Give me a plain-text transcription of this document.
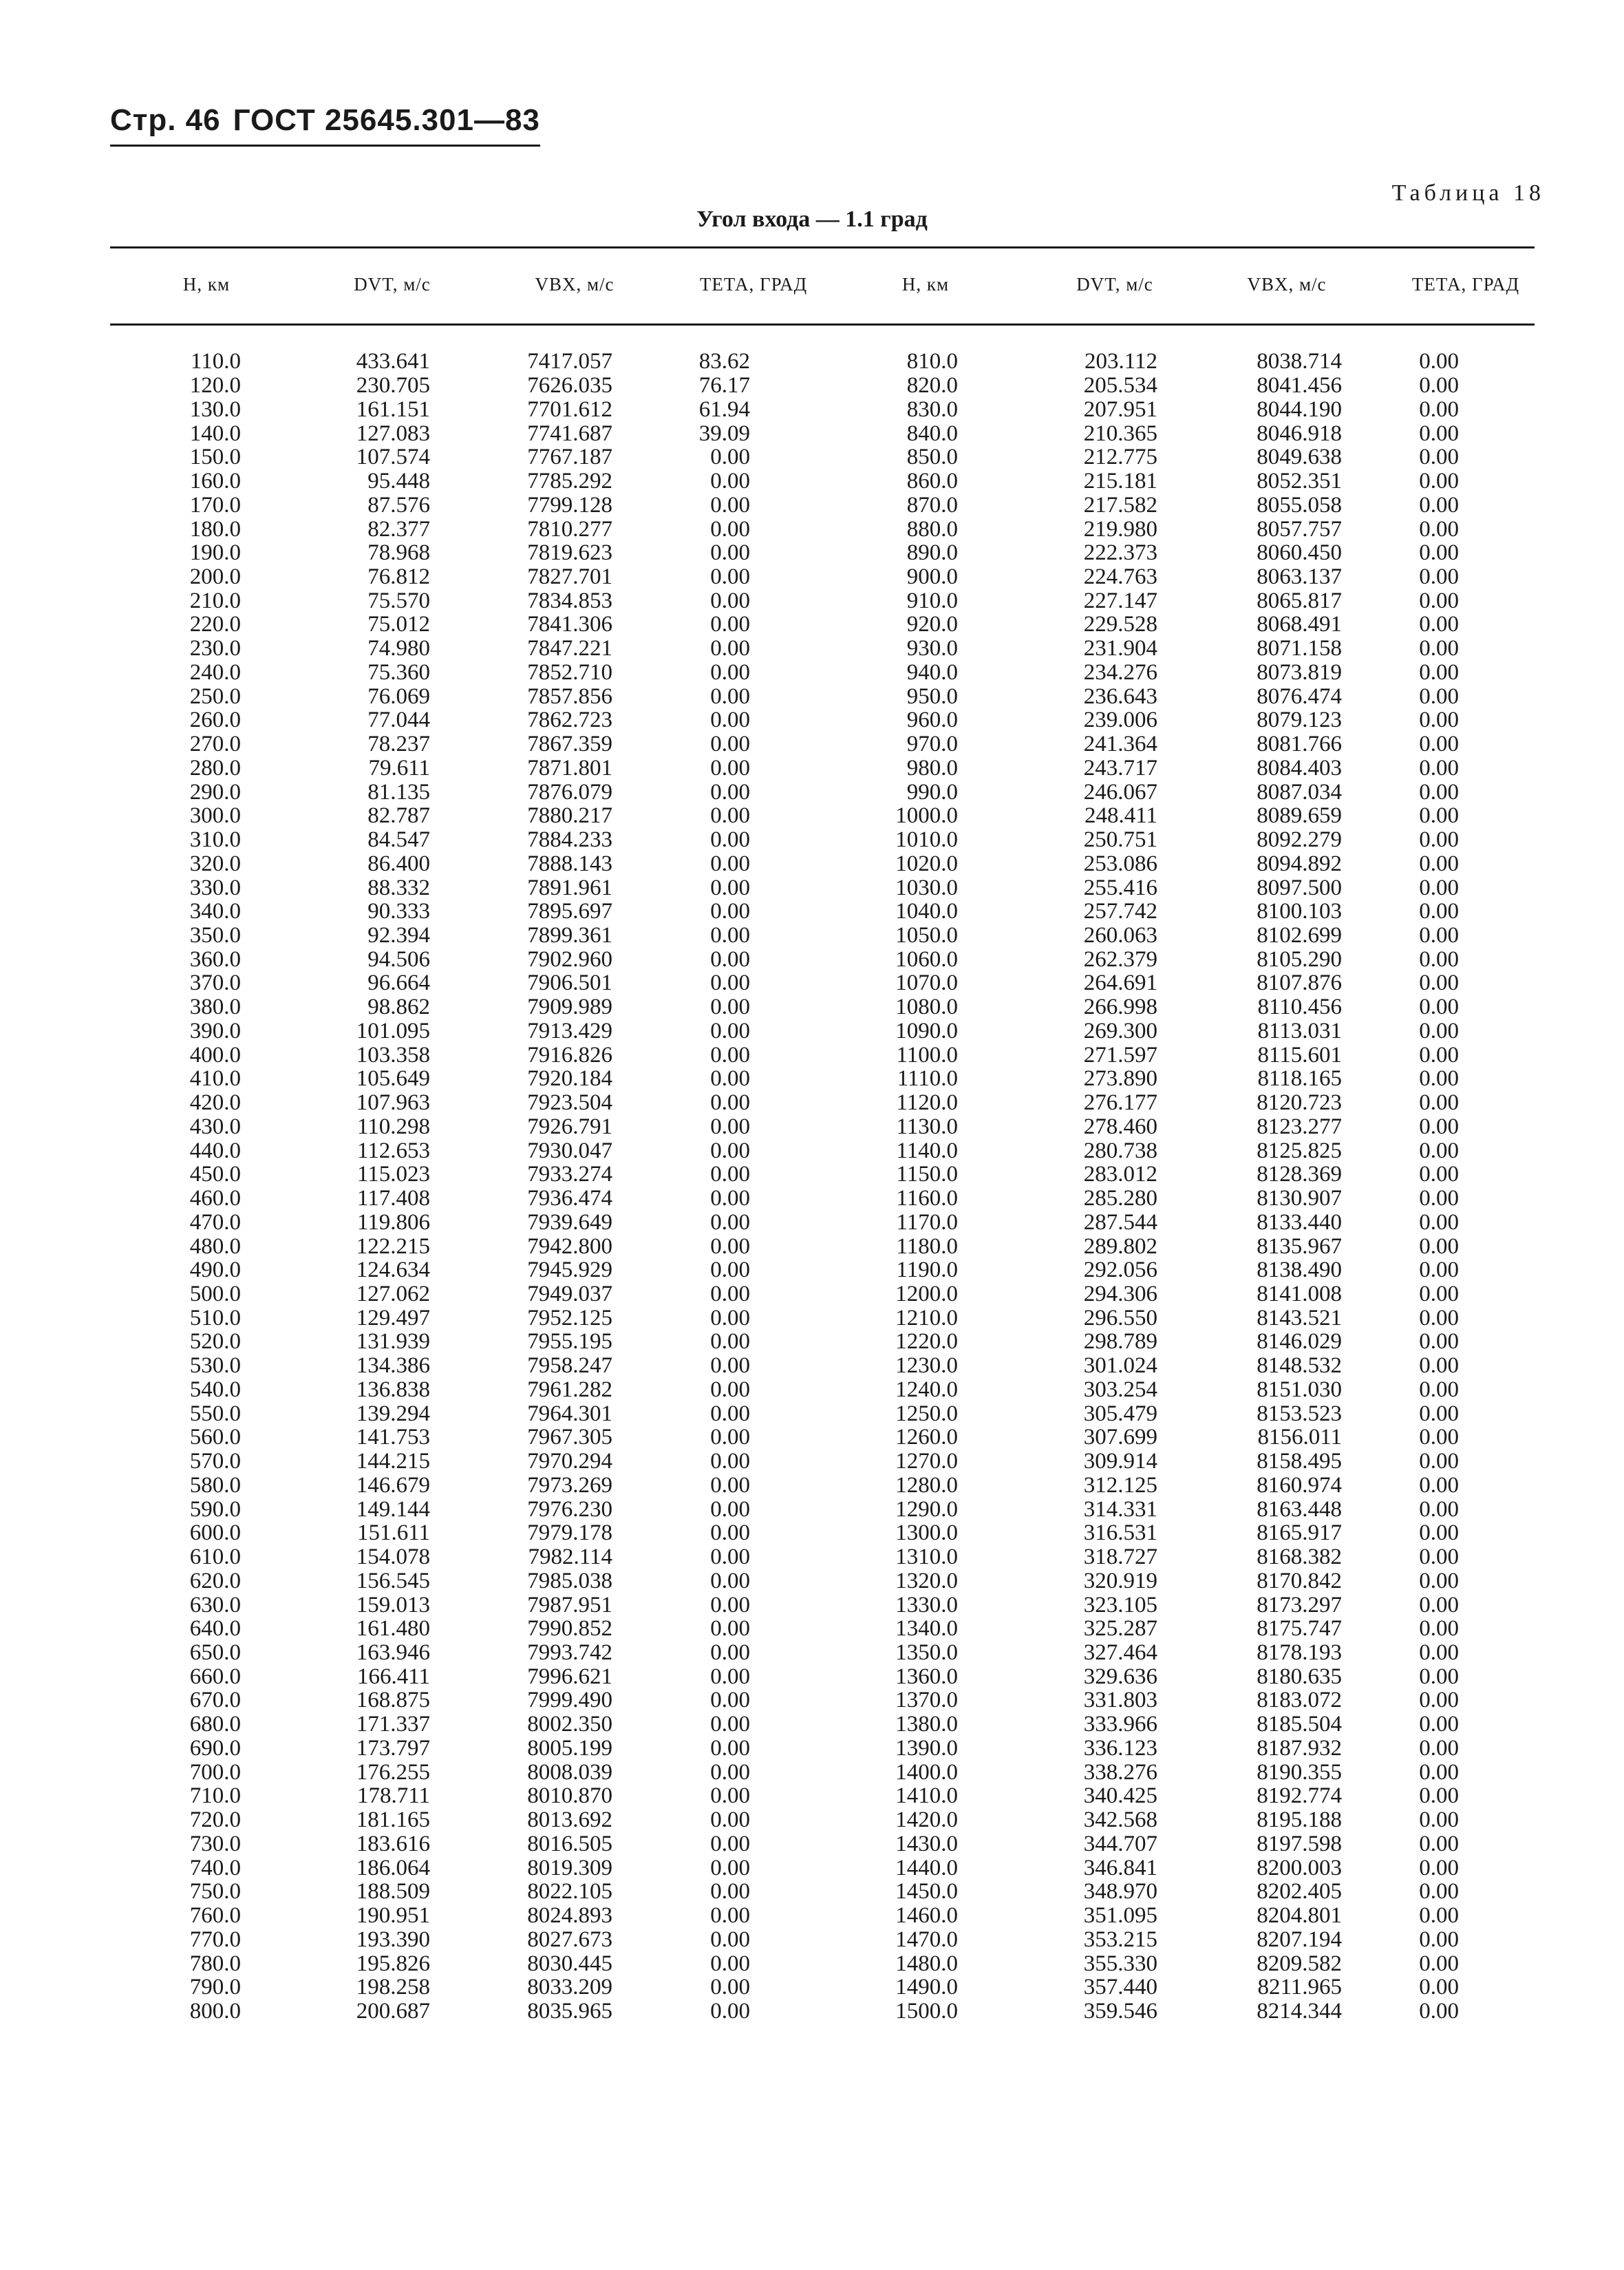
Стр. 46 ГОСТ 25645.301—83
Таблица 18
Угол входа — 1.1 град
Н, км	DVT, м/с	VBX, м/с	ТЕТА, ГРАД	Н, км	DVT, м/с	VBX, м/с	ТЕТА, ГРАД
110.0	433.641	7417.057	83.62	810.0	203.112	8038.714	0.00
120.0	230.705	7626.035	76.17	820.0	205.534	8041.456	0.00
130.0	161.151	7701.612	61.94	830.0	207.951	8044.190	0.00
140.0	127.083	7741.687	39.09	840.0	210.365	8046.918	0.00
150.0	107.574	7767.187	0.00	850.0	212.775	8049.638	0.00
160.0	95.448	7785.292	0.00	860.0	215.181	8052.351	0.00
170.0	87.576	7799.128	0.00	870.0	217.582	8055.058	0.00
180.0	82.377	7810.277	0.00	880.0	219.980	8057.757	0.00
190.0	78.968	7819.623	0.00	890.0	222.373	8060.450	0.00
200.0	76.812	7827.701	0.00	900.0	224.763	8063.137	0.00
210.0	75.570	7834.853	0.00	910.0	227.147	8065.817	0.00
220.0	75.012	7841.306	0.00	920.0	229.528	8068.491	0.00
230.0	74.980	7847.221	0.00	930.0	231.904	8071.158	0.00
240.0	75.360	7852.710	0.00	940.0	234.276	8073.819	0.00
250.0	76.069	7857.856	0.00	950.0	236.643	8076.474	0.00
260.0	77.044	7862.723	0.00	960.0	239.006	8079.123	0.00
270.0	78.237	7867.359	0.00	970.0	241.364	8081.766	0.00
280.0	79.611	7871.801	0.00	980.0	243.717	8084.403	0.00
290.0	81.135	7876.079	0.00	990.0	246.067	8087.034	0.00
300.0	82.787	7880.217	0.00	1000.0	248.411	8089.659	0.00
310.0	84.547	7884.233	0.00	1010.0	250.751	8092.279	0.00
320.0	86.400	7888.143	0.00	1020.0	253.086	8094.892	0.00
330.0	88.332	7891.961	0.00	1030.0	255.416	8097.500	0.00
340.0	90.333	7895.697	0.00	1040.0	257.742	8100.103	0.00
350.0	92.394	7899.361	0.00	1050.0	260.063	8102.699	0.00
360.0	94.506	7902.960	0.00	1060.0	262.379	8105.290	0.00
370.0	96.664	7906.501	0.00	1070.0	264.691	8107.876	0.00
380.0	98.862	7909.989	0.00	1080.0	266.998	8110.456	0.00
390.0	101.095	7913.429	0.00	1090.0	269.300	8113.031	0.00
400.0	103.358	7916.826	0.00	1100.0	271.597	8115.601	0.00
410.0	105.649	7920.184	0.00	1110.0	273.890	8118.165	0.00
420.0	107.963	7923.504	0.00	1120.0	276.177	8120.723	0.00
430.0	110.298	7926.791	0.00	1130.0	278.460	8123.277	0.00
440.0	112.653	7930.047	0.00	1140.0	280.738	8125.825	0.00
450.0	115.023	7933.274	0.00	1150.0	283.012	8128.369	0.00
460.0	117.408	7936.474	0.00	1160.0	285.280	8130.907	0.00
470.0	119.806	7939.649	0.00	1170.0	287.544	8133.440	0.00
480.0	122.215	7942.800	0.00	1180.0	289.802	8135.967	0.00
490.0	124.634	7945.929	0.00	1190.0	292.056	8138.490	0.00
500.0	127.062	7949.037	0.00	1200.0	294.306	8141.008	0.00
510.0	129.497	7952.125	0.00	1210.0	296.550	8143.521	0.00
520.0	131.939	7955.195	0.00	1220.0	298.789	8146.029	0.00
530.0	134.386	7958.247	0.00	1230.0	301.024	8148.532	0.00
540.0	136.838	7961.282	0.00	1240.0	303.254	8151.030	0.00
550.0	139.294	7964.301	0.00	1250.0	305.479	8153.523	0.00
560.0	141.753	7967.305	0.00	1260.0	307.699	8156.011	0.00
570.0	144.215	7970.294	0.00	1270.0	309.914	8158.495	0.00
580.0	146.679	7973.269	0.00	1280.0	312.125	8160.974	0.00
590.0	149.144	7976.230	0.00	1290.0	314.331	8163.448	0.00
600.0	151.611	7979.178	0.00	1300.0	316.531	8165.917	0.00
610.0	154.078	7982.114	0.00	1310.0	318.727	8168.382	0.00
620.0	156.545	7985.038	0.00	1320.0	320.919	8170.842	0.00
630.0	159.013	7987.951	0.00	1330.0	323.105	8173.297	0.00
640.0	161.480	7990.852	0.00	1340.0	325.287	8175.747	0.00
650.0	163.946	7993.742	0.00	1350.0	327.464	8178.193	0.00
660.0	166.411	7996.621	0.00	1360.0	329.636	8180.635	0.00
670.0	168.875	7999.490	0.00	1370.0	331.803	8183.072	0.00
680.0	171.337	8002.350	0.00	1380.0	333.966	8185.504	0.00
690.0	173.797	8005.199	0.00	1390.0	336.123	8187.932	0.00
700.0	176.255	8008.039	0.00	1400.0	338.276	8190.355	0.00
710.0	178.711	8010.870	0.00	1410.0	340.425	8192.774	0.00
720.0	181.165	8013.692	0.00	1420.0	342.568	8195.188	0.00
730.0	183.616	8016.505	0.00	1430.0	344.707	8197.598	0.00
740.0	186.064	8019.309	0.00	1440.0	346.841	8200.003	0.00
750.0	188.509	8022.105	0.00	1450.0	348.970	8202.405	0.00
760.0	190.951	8024.893	0.00	1460.0	351.095	8204.801	0.00
770.0	193.390	8027.673	0.00	1470.0	353.215	8207.194	0.00
780.0	195.826	8030.445	0.00	1480.0	355.330	8209.582	0.00
790.0	198.258	8033.209	0.00	1490.0	357.440	8211.965	0.00
800.0	200.687	8035.965	0.00	1500.0	359.546	8214.344	0.00
